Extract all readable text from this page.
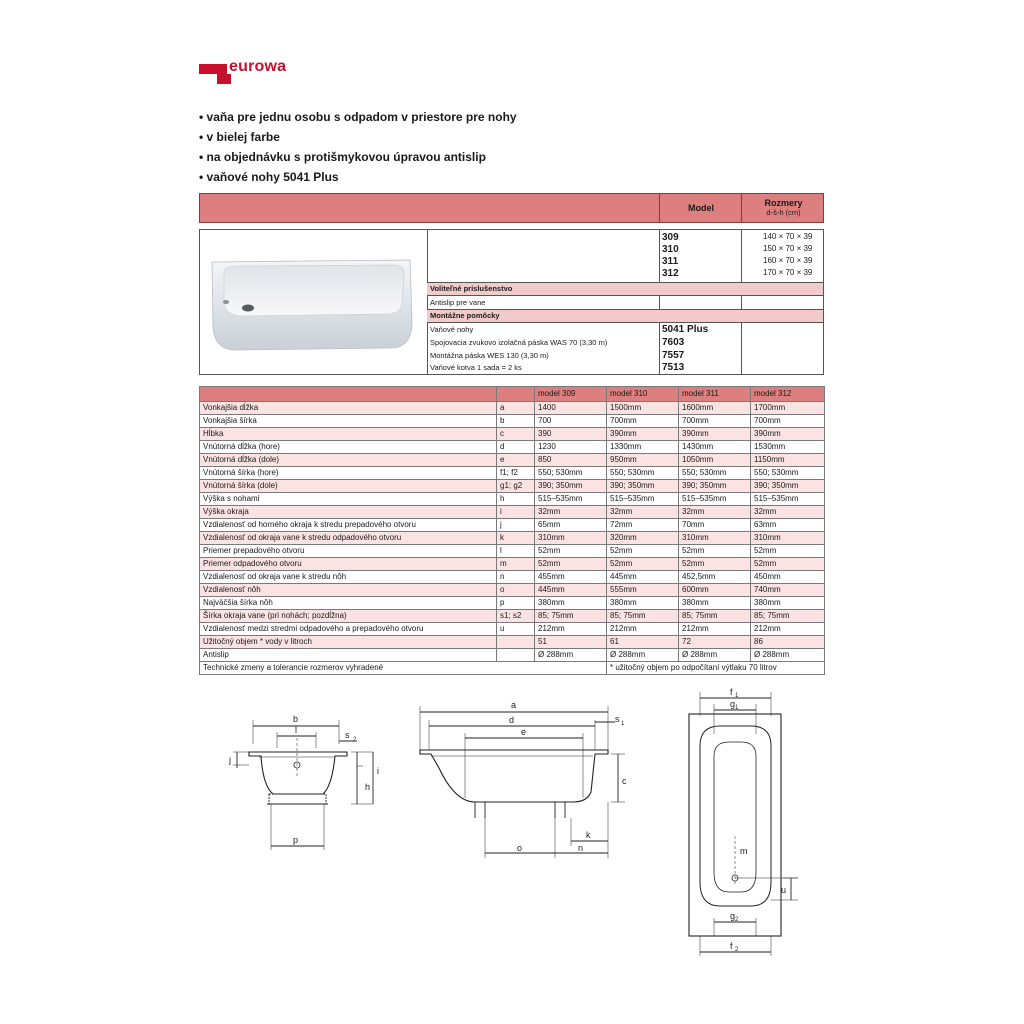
eurowa
• vaňa pre jednu osobu s odpadom v priestore pre nohy
• v bielej farbe
• na objednávku s protišmykovou úpravou antislip
• vaňové nohy 5041 Plus
Model	Rozmery
d-š-h (cm)
309	140 × 70 × 39
310	150 × 70 × 39
311	160 × 70 × 39
312	170 × 70 × 39
Voliteľné príslušenstvo
Antislip pre vane
Montážne pomôcky
Vaňové nohy	5041 Plus
Spojovacia zvukovo izolačná páska WAS 70 (3,30 m)	7603
Montážna páska WES 130 (3,30 m)	7557
Vaňové kotva 1 sada = 2 ks	7513
		model 309	model 310	model 311	model 312
Vonkajšia dĺžka	a	1400	1500mm	1600mm	1700mm
Vonkajšia šírka	b	700	700mm	700mm	700mm
Hĺbka	c	390	390mm	390mm	390mm
Vnútorná dĺžka (hore)	d	1230	1330mm	1430mm	1530mm
Vnútorná dĺžka (dole)	e	850	950mm	1050mm	1150mm
Vnútorná šírka (hore)	f1; f2	550; 530mm	550; 530mm	550; 530mm	550; 530mm
Vnútorná šírka (dole)	g1; g2	390; 350mm	390; 350mm	390; 350mm	390; 350mm
Výška s nohami	h	515–535mm	515–535mm	515–535mm	515–535mm
Výška okraja	i	32mm	32mm	32mm	32mm
Vzdialenosť od horného okraja k stredu prepadového otvoru	j	65mm	72mm	70mm	63mm
Vzdialenosť od okraja vane k stredu odpadového otvoru	k	310mm	320mm	310mm	310mm
Priemer prepadového otvoru	l	52mm	52mm	52mm	52mm
Priemer odpadového otvoru	m	52mm	52mm	52mm	52mm
Vzdialenosť od okraja vane k stredu nôh	n	455mm	445mm	452,5mm	450mm
Vzdialenosť nôh	o	445mm	555mm	600mm	740mm
Najväčšia šírka nôh	p	380mm	380mm	380mm	380mm
Šírka okraja vane (pri nohách; pozdĺžna)	s1; s2	85; 75mm	85; 75mm	85; 75mm	85; 75mm
Vzdialenosť medzi stredmi odpadového a prepadového otvoru	u	212mm	212mm	212mm	212mm
Užitočný objem * vody v litroch		51	61	72	86
Antislip		Ø 288mm	Ø 288mm	Ø 288mm	Ø 288mm
Technické zmeny a tolerancie rozmerov vyhradené			* užitočný objem po odpočítaní výtlaku 70 litrov		
b
l	s 2
p
h
i
j
a
d
e
s 1
c
k
o	n
f 1
g 1
m
u
g 2
f 2
